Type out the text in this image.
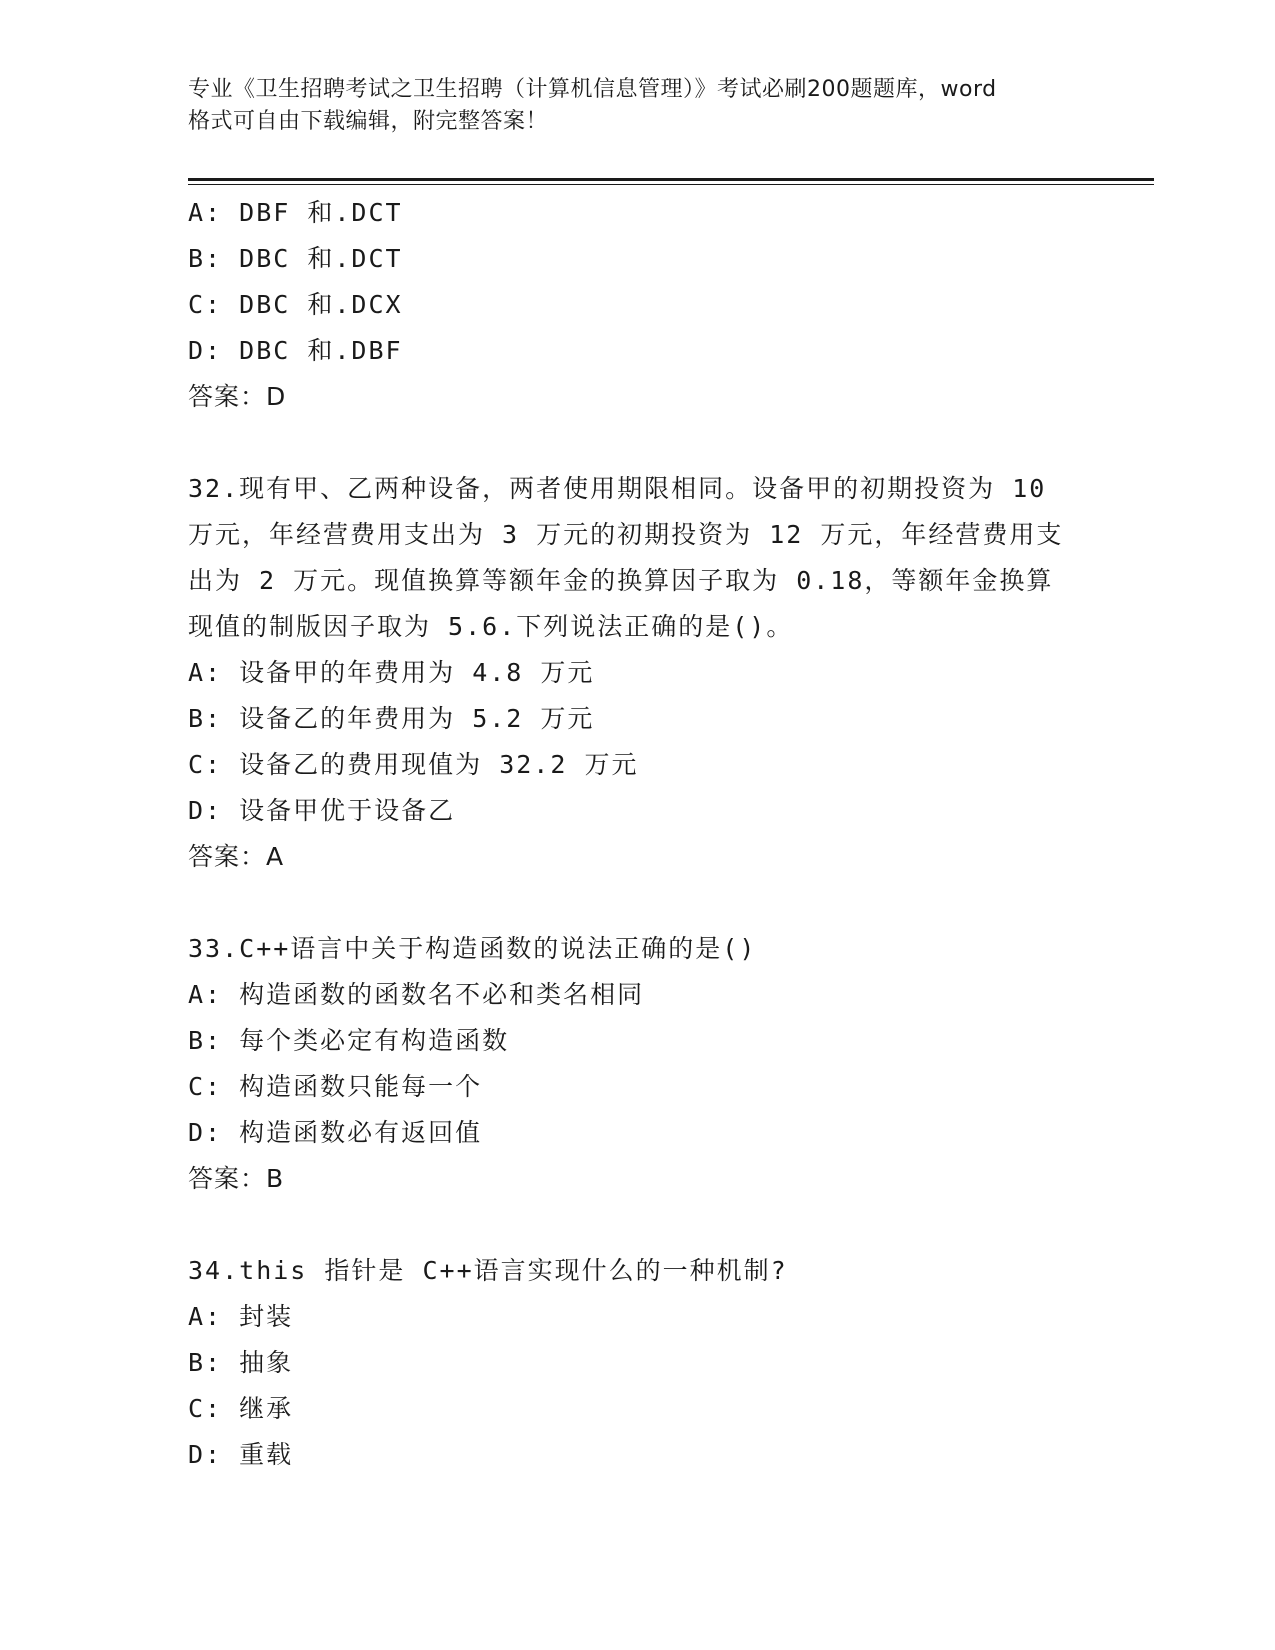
专业《卫生招聘考试之卫生招聘（计算机信息管理）》考试必刷200题题库，word
格式可自由下载编辑，附完整答案！

A: DBF 和.DCT

B: DBC 和.DCT

C: DBC 和.DCX

D: DBC 和.DBF

答案：D

32.现有甲、乙两种设备，两者使用期限相同。设备甲的初期投资为 10

万元，年经营费用支出为 3 万元的初期投资为 12 万元，年经营费用支

出为 2 万元。现值换算等额年金的换算因子取为 0.18，等额年金换算

现值的制版因子取为 5.6.下列说法正确的是()。

A: 设备甲的年费用为 4.8 万元

B: 设备乙的年费用为 5.2 万元

C: 设备乙的费用现值为 32.2 万元

D: 设备甲优于设备乙

答案：A

33.C++语言中关于构造函数的说法正确的是()

A: 构造函数的函数名不必和类名相同

B: 每个类必定有构造函数

C: 构造函数只能每一个

D: 构造函数必有返回值

答案：B

34.this 指针是 C++语言实现什么的一种机制?

A: 封装

B: 抽象

C: 继承

D: 重载
